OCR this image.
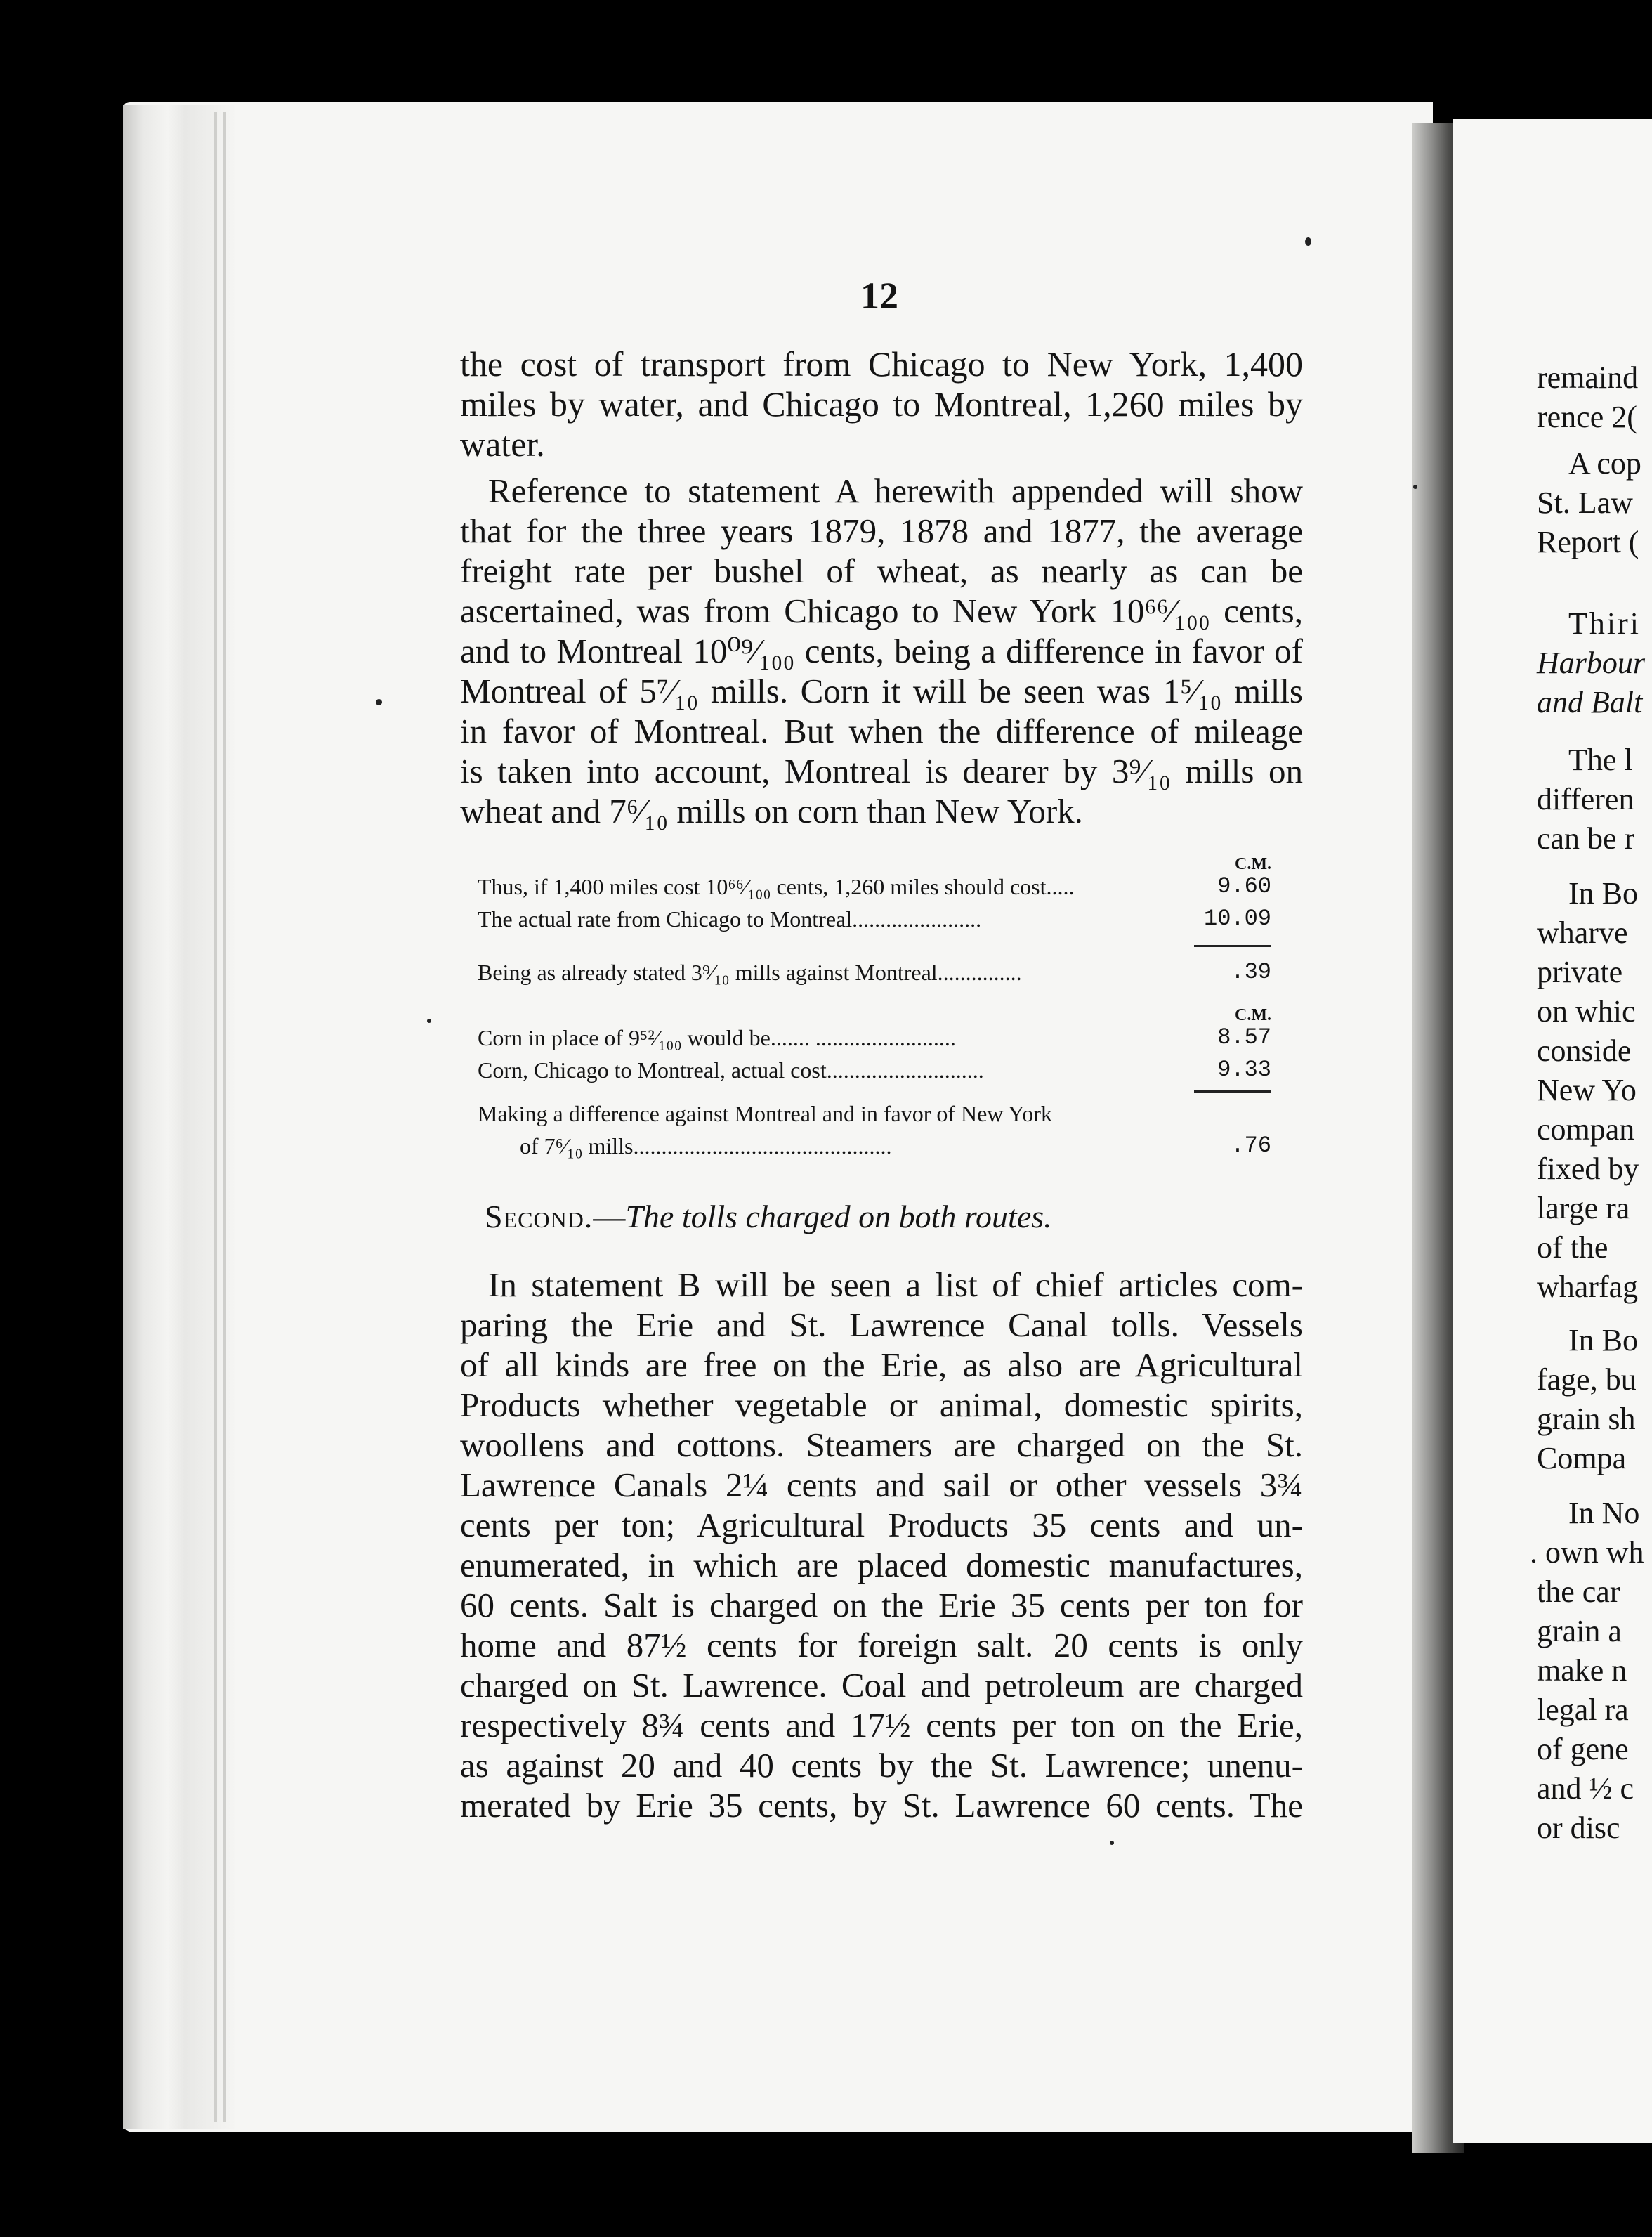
remaind
rence 2(
A cop
St. Law
Report (
Thiri
Harbour
and Balt
The l
differen
can be r
In Bo
wharve
private
on whic
conside
New Yo
compan
fixed by
large ra
of the
wharfag
In Bo
fage, bu
grain sh
Compa
In No
. own wh
the car
grain a
make n
legal ra
of gene
and ½ c
or disc
12
the cost of transport from Chicago to New York, 1,400
miles by water, and Chicago to Montreal, 1,260 miles by
water.
Reference to statement A herewith appended will show
that for the three years 1879, 1878 and 1877, the average
freight rate per bushel of wheat, as nearly as can be
ascertained, was from Chicago to New York 10⁶⁶⁄₁₀₀ cents,
and to Montreal 10⁰⁹⁄₁₀₀ cents, being a difference in favor of
Montreal of 5⁷⁄₁₀ mills. Corn it will be seen was 1⁵⁄₁₀ mills
in favor of Montreal. But when the difference of mileage
is taken into account, Montreal is dearer by 3⁹⁄₁₀ mills on
wheat and 7⁶⁄₁₀ mills on corn than New York.
C.M.
Thus, if 1,400 miles cost 10⁶⁶⁄₁₀₀ cents, 1,260 miles should cost.....	9.60
The actual rate from Chicago to Montreal.......................	10.09
Being as already stated 3⁹⁄₁₀ mills against Montreal...............	.39
C.M.
Corn in place of 9⁵²⁄₁₀₀ would be....... .........................	8.57
Corn, Chicago to Montreal, actual cost............................	9.33
Making a difference against Montreal and in favor of New York
of 7⁶⁄₁₀ mills..............................................	.76
Second.—The tolls charged on both routes.
In statement B will be seen a list of chief articles com-
paring the Erie and St. Lawrence Canal tolls. Vessels
of all kinds are free on the Erie, as also are Agricultural
Products whether vegetable or animal, domestic spirits,
woollens and cottons. Steamers are charged on the St.
Lawrence Canals 2¼ cents and sail or other vessels 3¾
cents per ton; Agricultural Products 35 cents and un-
enumerated, in which are placed domestic manufactures,
60 cents. Salt is charged on the Erie 35 cents per ton for
home and 87½ cents for foreign salt. 20 cents is only
charged on St. Lawrence. Coal and petroleum are charged
respectively 8¾ cents and 17½ cents per ton on the Erie,
as against 20 and 40 cents by the St. Lawrence; unenu-
merated by Erie 35 cents, by St. Lawrence 60 cents. The
